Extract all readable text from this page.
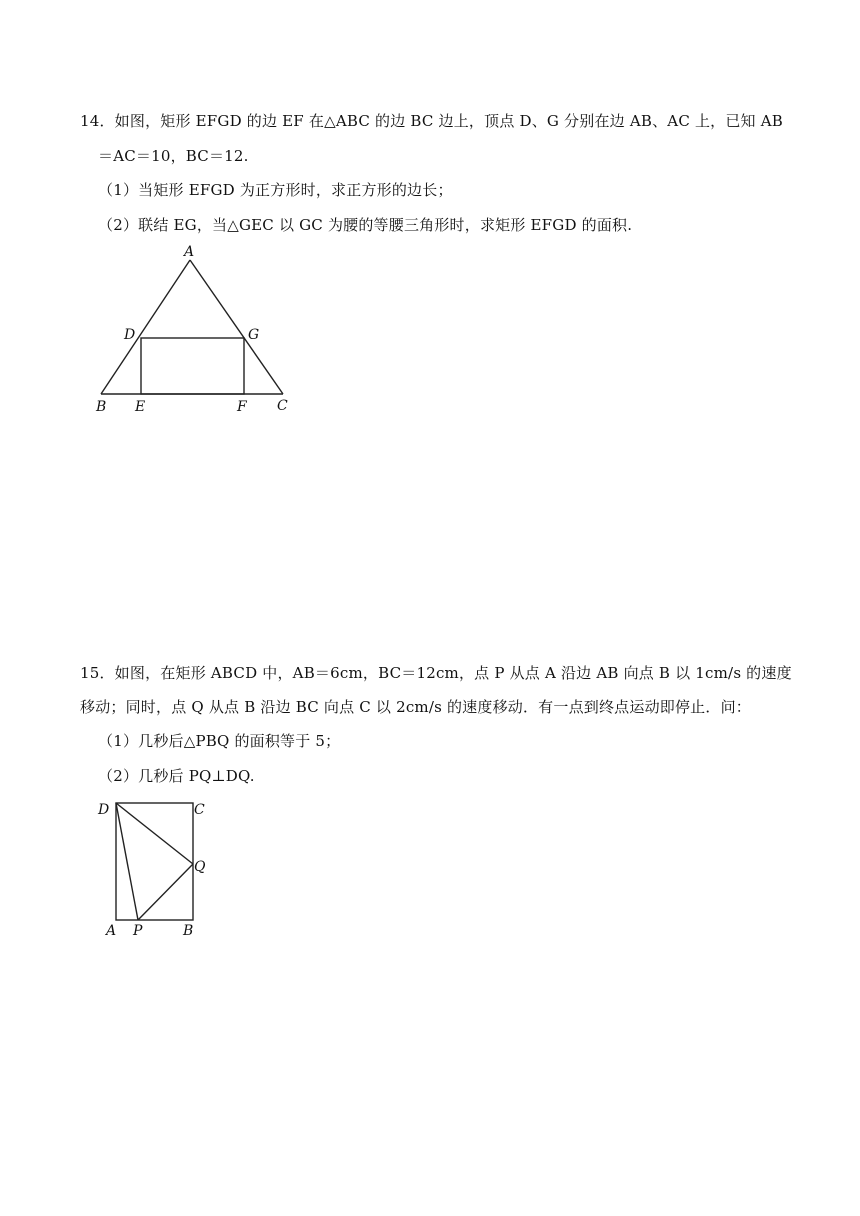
14．如图，矩形 EFGD 的边 EF 在△ABC 的边 BC 边上，顶点 D、G 分别在边 AB、AC 上，已知 AB
＝AC＝10，BC＝12.
（1）当矩形 EFGD 为正方形时，求正方形的边长；
（2）联结 EG，当△GEC 以 GC 为腰的等腰三角形时，求矩形 EFGD 的面积.
A
B	C
D
E	F
G
15．如图，在矩形 ABCD 中，AB＝6cm，BC＝12cm，点 P 从点 A 沿边 AB 向点 B 以 1cm/s 的速度
移动；同时，点 Q 从点 B 沿边 BC 向点 C 以 2cm/s 的速度移动．有一点到终点运动即停止．问：
（1）几秒后△PBQ 的面积等于 5；
（2）几秒后 PQ⊥DQ.
D	C
Q
A P	B
